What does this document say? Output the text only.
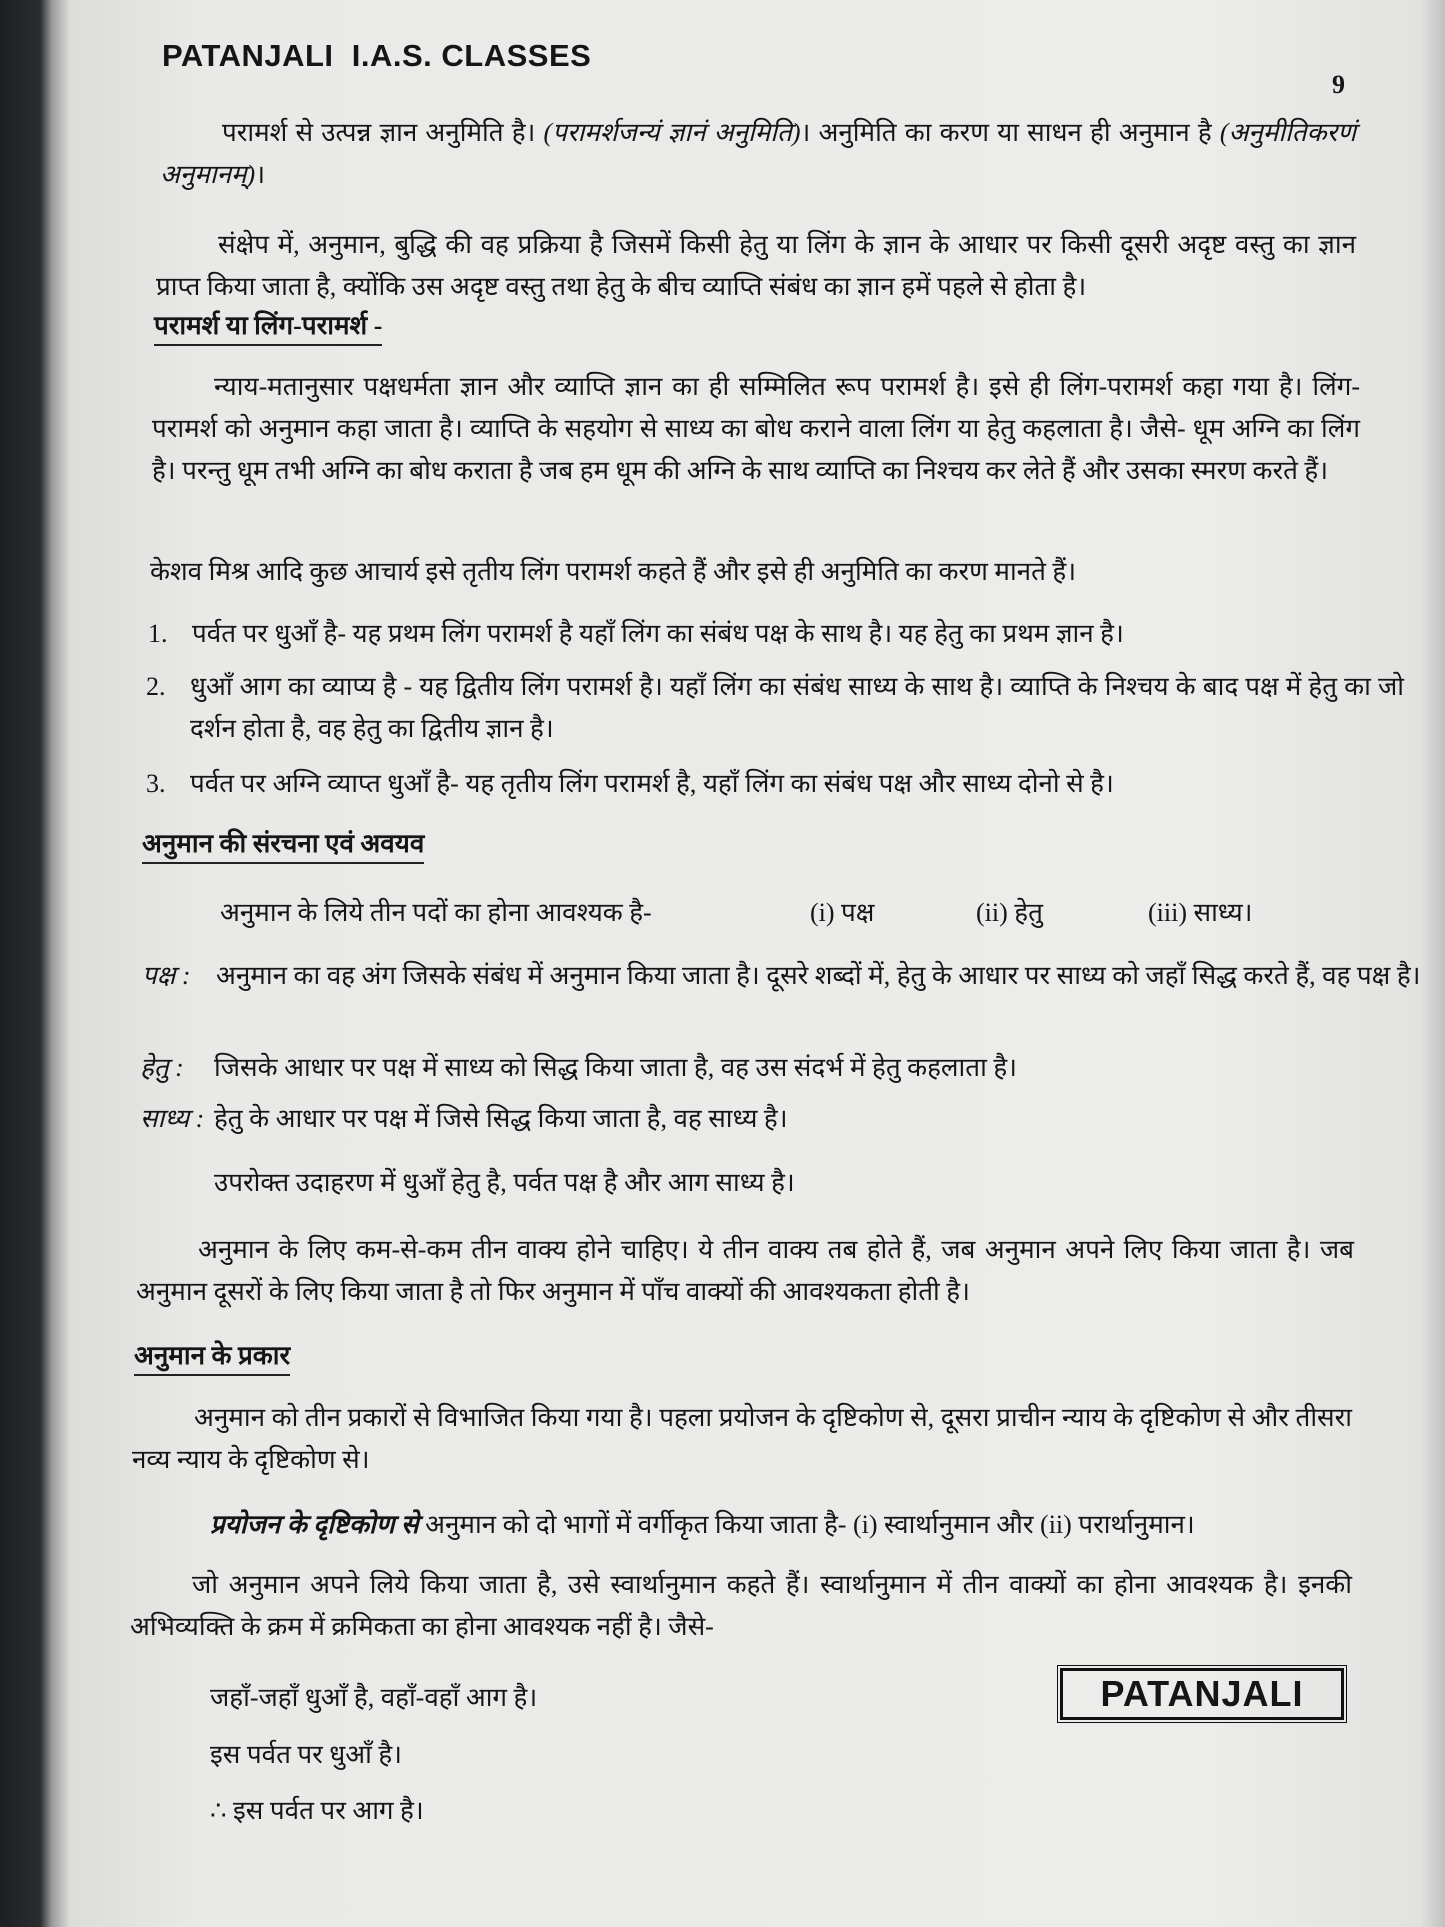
PATANJALI  I.A.S. CLASSES
9
परामर्श से उत्पन्न ज्ञान अनुमिति है। (परामर्शजन्यं ज्ञानं अनुमिति)। अनुमिति का करण या साधन ही अनुमान है (अनुमीतिकरणं अनुमानम्)।
संक्षेप में, अनुमान, बुद्धि की वह प्रक्रिया है जिसमें किसी हेतु या लिंग के ज्ञान के आधार पर किसी दूसरी अदृष्ट वस्तु का ज्ञान प्राप्त किया जाता है, क्योंकि उस अदृष्ट वस्तु तथा हेतु के बीच व्याप्ति संबंध का ज्ञान हमें पहले से होता है।
परामर्श या लिंग-परामर्श -
न्याय-मतानुसार पक्षधर्मता ज्ञान और व्याप्ति ज्ञान का ही सम्मिलित रूप परामर्श है। इसे ही लिंग-परामर्श कहा गया है। लिंग-परामर्श को अनुमान कहा जाता है। व्याप्ति के सहयोग से साध्य का बोध कराने वाला लिंग या हेतु कहलाता है। जैसे- धूम अग्नि का लिंग है। परन्तु धूम तभी अग्नि का बोध कराता है जब हम धूम की अग्नि के साथ व्याप्ति का निश्चय कर लेते हैं और उसका स्मरण करते हैं।
केशव मिश्र आदि कुछ आचार्य इसे तृतीय लिंग परामर्श कहते हैं और इसे ही अनुमिति का करण मानते हैं।
1. पर्वत पर धुआँ है- यह प्रथम लिंग परामर्श है यहाँ लिंग का संबंध पक्ष के साथ है। यह हेतु का प्रथम ज्ञान है।
2. धुआँ आग का व्याप्य है - यह द्वितीय लिंग परामर्श है। यहाँ लिंग का संबंध साध्य के साथ है। व्याप्ति के निश्चय के बाद पक्ष में हेतु का जो दर्शन होता है, वह हेतु का द्वितीय ज्ञान है।
3. पर्वत पर अग्नि व्याप्त धुआँ है- यह तृतीय लिंग परामर्श है, यहाँ लिंग का संबंध पक्ष और साध्य दोनो से है।
अनुमान की संरचना एवं अवयव
अनुमान के लिये तीन पदों का होना आवश्यक है-	(i) पक्ष	(ii) हेतु	(iii) साध्य।
पक्ष : अनुमान का वह अंग जिसके संबंध में अनुमान किया जाता है। दूसरे शब्दों में, हेतु के आधार पर साध्य को जहाँ सिद्ध करते हैं, वह पक्ष है।
हेतु : जिसके आधार पर पक्ष में साध्य को सिद्ध किया जाता है, वह उस संदर्भ में हेतु कहलाता है।
साध्य : हेतु के आधार पर पक्ष में जिसे सिद्ध किया जाता है, वह साध्य है।
उपरोक्त उदाहरण में धुआँ हेतु है, पर्वत पक्ष है और आग साध्य है।
अनुमान के लिए कम-से-कम तीन वाक्य होने चाहिए। ये तीन वाक्य तब होते हैं, जब अनुमान अपने लिए किया जाता है। जब अनुमान दूसरों के लिए किया जाता है तो फिर अनुमान में पाँच वाक्यों की आवश्यकता होती है।
अनुमान के प्रकार
अनुमान को तीन प्रकारों से विभाजित किया गया है। पहला प्रयोजन के दृष्टिकोण से, दूसरा प्राचीन न्याय के दृष्टिकोण से और तीसरा नव्य न्याय के दृष्टिकोण से।
प्रयोजन के दृष्टिकोण से अनुमान को दो भागों में वर्गीकृत किया जाता है- (i) स्वार्थानुमान और (ii) परार्थानुमान।
जो अनुमान अपने लिये किया जाता है, उसे स्वार्थानुमान कहते हैं। स्वार्थानुमान में तीन वाक्यों का होना आवश्यक है। इनकी अभिव्यक्ति के क्रम में क्रमिकता का होना आवश्यक नहीं है। जैसे-
जहाँ-जहाँ धुआँ है, वहाँ-वहाँ आग है।
इस पर्वत पर धुआँ है।
∴ इस पर्वत पर आग है।
PATANJALI
